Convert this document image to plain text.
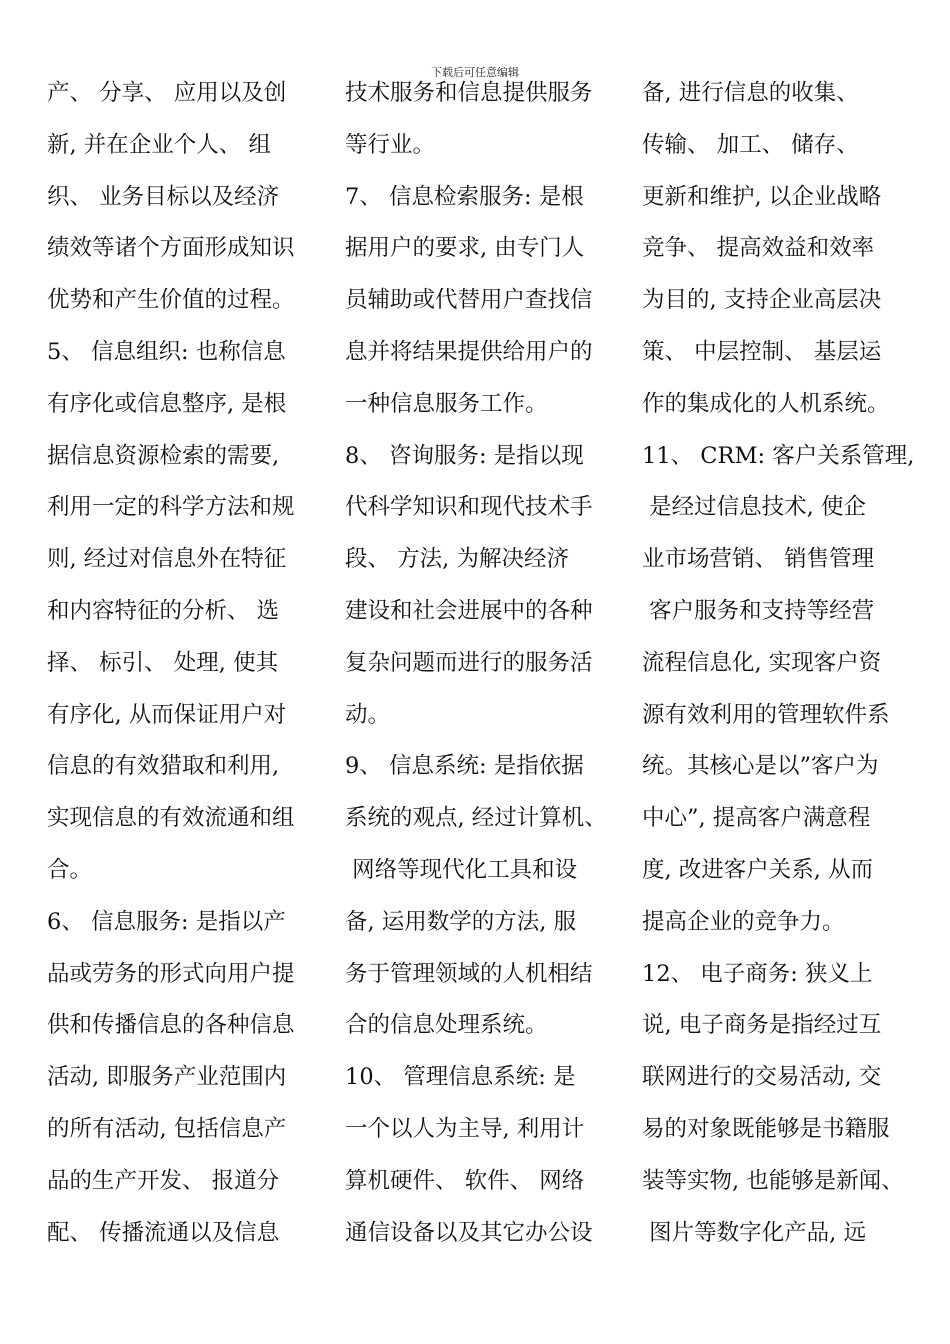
下载后可任意编辑
产、 分享、 应用以及创
新, 并在企业个人、 组
织、 业务目标以及经济
绩效等诸个方面形成知识
优势和产生价值的过程。
5、 信息组织: 也称信息
有序化或信息整序, 是根
据信息资源检索的需要,
利用一定的科学方法和规
则, 经过对信息外在特征
和内容特征的分析、 选
择、 标引、 处理, 使其
有序化, 从而保证用户对
信息的有效猎取和利用,
实现信息的有效流通和组
合。
6、 信息服务: 是指以产
品或劳务的形式向用户提
供和传播信息的各种信息
活动, 即服务产业范围内
的所有活动, 包括信息产
品的生产开发、 报道分
配、 传播流通以及信息
技术服务和信息提供服务
等行业。
7、 信息检索服务: 是根
据用户的要求, 由专门人
员辅助或代替用户查找信
息并将结果提供给用户的
一种信息服务工作。
8、 咨询服务: 是指以现
代科学知识和现代技术手
段、 方法, 为解决经济
建设和社会进展中的各种
复杂问题而进行的服务活
动。
9、 信息系统: 是指依据
系统的观点, 经过计算机、
网络等现代化工具和设
备, 运用数学的方法, 服
务于管理领域的人机相结
合的信息处理系统。
10、 管理信息系统: 是
一个以人为主导, 利用计
算机硬件、 软件、 网络
通信设备以及其它办公设
备, 进行信息的收集、
传输、 加工、 储存、
更新和维护, 以企业战略
竞争、 提高效益和效率
为目的, 支持企业高层决
策、 中层控制、 基层运
作的集成化的人机系统。
11、 CRM: 客户关系管理,
是经过信息技术, 使企
业市场营销、 销售管理
客户服务和支持等经营
流程信息化, 实现客户资
源有效利用的管理软件系
统。其核心是以”客户为
中心”, 提高客户满意程
度, 改进客户关系, 从而
提高企业的竞争力。
12、 电子商务: 狭义上
说, 电子商务是指经过互
联网进行的交易活动, 交
易的对象既能够是书籍服
装等实物, 也能够是新闻、
图片等数字化产品, 远
